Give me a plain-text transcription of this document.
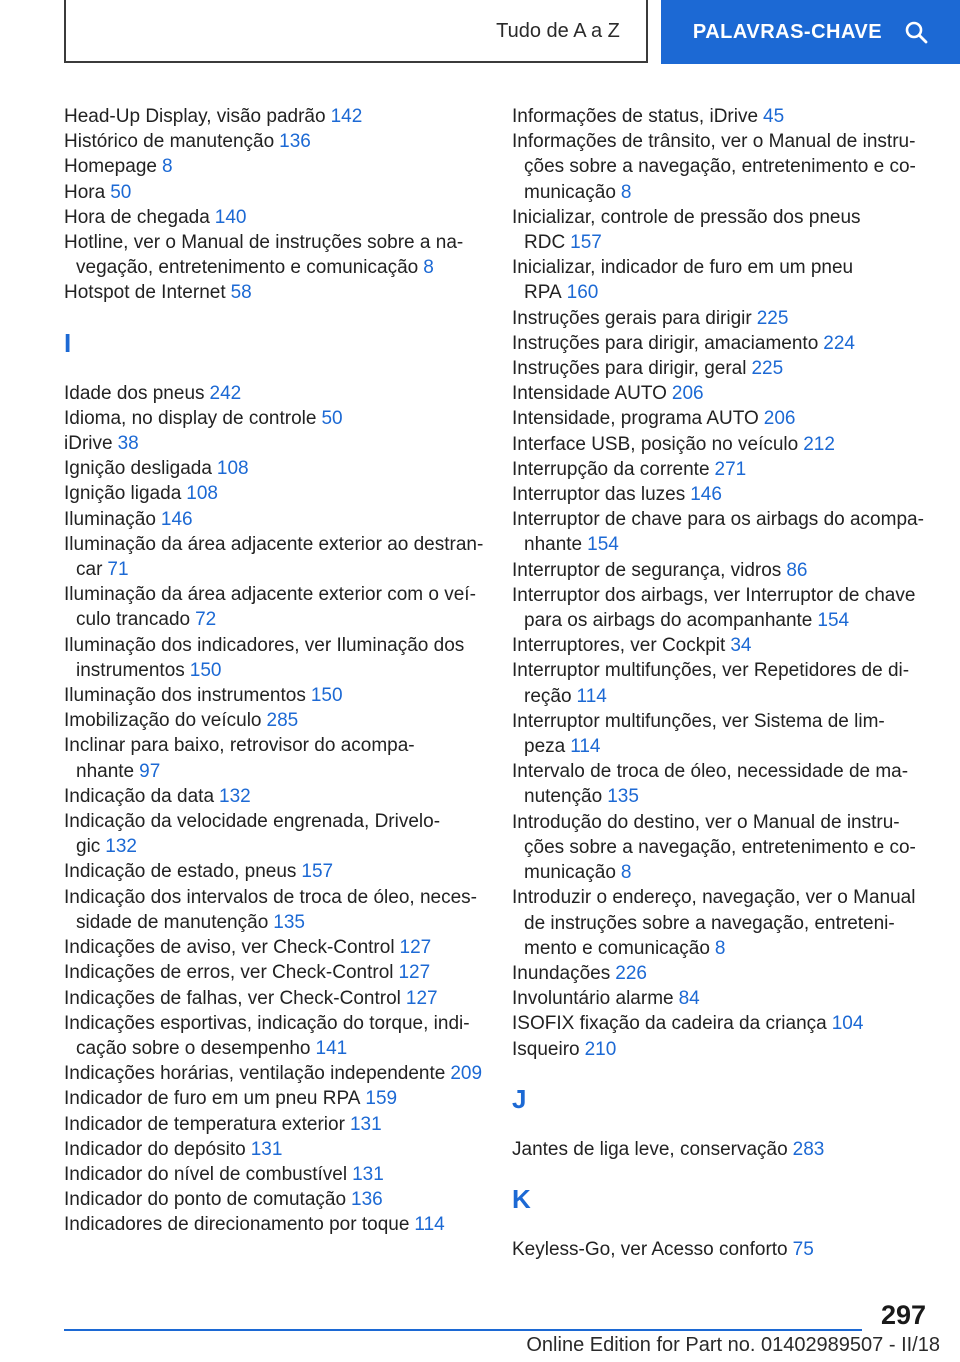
Tudo de A a Z	PALAVRAS-CHAVE
Head-Up Display, visão padrão 142
Histórico de manutenção 136
Homepage 8
Hora 50
Hora de chegada 140
Hotline, ver o Manual de instruções sobre a navegação, entretenimento e comunicação 8
Hotspot de Internet 58
I
Idade dos pneus 242
Idioma, no display de controle 50
iDrive 38
Ignição desligada 108
Ignição ligada 108
Iluminação 146
Iluminação da área adjacente exterior ao destrancar 71
Iluminação da área adjacente exterior com o veículo trancado 72
Iluminação dos indicadores, ver Iluminação dos instrumentos 150
Iluminação dos instrumentos 150
Imobilização do veículo 285
Inclinar para baixo, retrovisor do acompanhante 97
Indicação da data 132
Indicação da velocidade engrenada, Drivelogic 132
Indicação de estado, pneus 157
Indicação dos intervalos de troca de óleo, necessidade de manutenção 135
Indicações de aviso, ver Check-Control 127
Indicações de erros, ver Check-Control 127
Indicações de falhas, ver Check-Control 127
Indicações esportivas, indicação do torque, indicação sobre o desempenho 141
Indicações horárias, ventilação independente 209
Indicador de furo em um pneu RPA 159
Indicador de temperatura exterior 131
Indicador do depósito 131
Indicador do nível de combustível 131
Indicador do ponto de comutação 136
Indicadores de direcionamento por toque 114
Informações de status, iDrive 45
Informações de trânsito, ver o Manual de instruções sobre a navegação, entretenimento e comunicação 8
Inicializar, controle de pressão dos pneus RDC 157
Inicializar, indicador de furo em um pneu RPA 160
Instruções gerais para dirigir 225
Instruções para dirigir, amaciamento 224
Instruções para dirigir, geral 225
Intensidade AUTO 206
Intensidade, programa AUTO 206
Interface USB, posição no veículo 212
Interrupção da corrente 271
Interruptor das luzes 146
Interruptor de chave para os airbags do acompanhante 154
Interruptor de segurança, vidros 86
Interruptor dos airbags, ver Interruptor de chave para os airbags do acompanhante 154
Interruptores, ver Cockpit 34
Interruptor multifunções, ver Repetidores de direção 114
Interruptor multifunções, ver Sistema de limpeza 114
Intervalo de troca de óleo, necessidade de manutenção 135
Introdução do destino, ver o Manual de instruções sobre a navegação, entretenimento e comunicação 8
Introduzir o endereço, navegação, ver o Manual de instruções sobre a navegação, entretenimento e comunicação 8
Inundações 226
Involuntário alarme 84
ISOFIX fixação da cadeira da criança 104
Isqueiro 210
J
Jantes de liga leve, conservação 283
K
Keyless-Go, ver Acesso conforto 75
297
Online Edition for Part no. 01402989507 - II/18
